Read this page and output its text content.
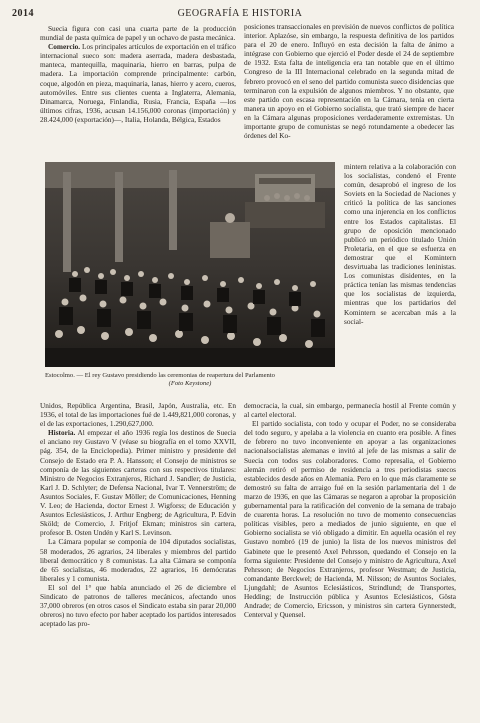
2014	GEOGRAFÍA E HISTORIA

Suecia figura con casi una cuarta parte de la producción mundial de pasta química de papel y un ochavo de pasta mecánica.

Comercio. Los principales artículos de exportación en el tráfico internacional sueco son: madera aserrada, madera desbastada, manteca, mantequilla, maquinaria, hierro en barras, pulpa de madera. La importación comprende principalmente: carbón, coque, algodón en pieza, maquinaria, lanas, hierro y acero, cueros, automóviles. Entre sus clientes cuenta a Inglaterra, Alemania, Dinamarca, Noruega, Finlandia, Rusia, Francia, España —los últimos cifras, 1936, acusan 14.156,000 coronas (importación) y 28.424,000 (exportación)—, Italia, Holanda, Bélgica, Estados

posiciones transaccionales en previsión de nuevos conflictos de política interior. Aplazóse, sin embargo, la respuesta definitiva de los partidos para el 20 de enero. Influyó en esta decisión la falta de ánimo a intégrase con Gobierno que ejerció el Poder desde el 24 de septiembre de 1932. Esta falta de inteligencia era tan notable que en el último Congreso de la III Internacional celebrado en la segunda mitad de febrero provocó en el seno del partido comunista sueco disidencias que terminaron con la expulsión de algunos miembros. Y no obstante, que este partido con escasa representación en la Cámara, tenía en cierta manera un apoyo en el Gobierno socialista, que trató siempre de hacer en la Cámara algunas proposiciones verdaderamente extremistas. Un importante grupo de comunistas se negó rotundamente a obedecer las órdenes del Ko-

Estocolmo. — El rey Gustavo presidiendo las ceremonias de reapertura del Parlamento
(Foto Keystone)

mintern relativa a la colaboración con los socialistas, condenó el Frente común, desaprobó el ingreso de los Soviets en la Sociedad de Naciones y criticó la política de las sanciones como una injerencia en los conflictos entre los Estados capitalistas. El grupo de oposición mencionado publicó un periódico titulado Unión Proletaria, en el que se esfuerza en demostrar que el Komintern desvirtuaba las tradiciones leninistas. Los comunistas disidentes, en la práctica tenían las mismas tendencias que los socialistas de izquierda, mientras que los partidarios del Komintern se acercaban más a la social-

Unidos, República Argentina, Brasil, Japón, Australia, etc. En 1936, el total de las importaciones fué de 1.449,821,000 coronas, y el de las exportaciones, 1.290,627,000.

Historia. Al empezar el año 1936 regía los destinos de Suecia el anciano rey Gustavo V (véase su biografía en el tomo XXVII, pág. 354, de la Enciclopedia). Primer ministro y presidente del Consejo de Estado era P. A. Hansson; el Consejo de ministros se componía de las siguientes carteras con sus respectivos titulares: Ministro de Negocios Extranjeros, Richard J. Sandler; de Justicia, Karl J. D. Schlyter; de Defensa Nacional, Ivar T. Vennerström; de Asuntos Sociales, F. Gustav Möller; de Comunicaciones, Henning V. Leo; de Hacienda, doctor Ernest J. Wigforss; de Educación y Asuntos Eclesiásticos, J. Arthur Engberg; de Agricultura, P. Edvin Sköld; de Comercio, J. Fritjof Ekman; ministros sin cartera, profesor B. Osten Undén y Karl S. Levinson.

La Cámara popular se componía de 104 diputados socialistas, 58 moderados, 26 agrarios, 24 liberales y miembros del partido liberal democrático y 8 comunistas. La alta Cámara se componía de 65 socialistas, 46 moderados, 22 agrarios, 16 demócratas liberales y 1 comunista.

El sol del 1° que había anunciado el 26 de diciembre el Sindicato de patronos de talleres mecánicos, afectando unos 37,000 obreros (en otros casos el Sindicato estaba sin parar 20,000 obreros) no tuvo efecto por haber aceptado los partidos interesados aceptado las pro-

democracia, la cual, sin embargo, permanecía hostil al Frente común y al cartel electoral.

El partido socialista, con todo y ocupar el Poder, no se consideraba del todo seguro, y apelaba a la violencia en cuanto era posible. A fines de febrero no tuvo inconveniente en apoyar a las organizaciones nacionalsocialistas alemanas e invitó al jefe de las mismas a salir de Suecia con todos sus colaboradores. Como represalia, el Gobierno alemán retiró el permiso de residencia a tres periodistas suecos establecidos desde años en Alemania. Pero en lo que más claramente se demostró su falta de arraigo fué en la sesión parlamentaria del 1 de marzo de 1936, en que las Cámaras se negaron a aprobar la proposición gubernamental para la ratificación del convenio de la semana de trabajo de cuarenta horas. La resolución no tuvo de momento consecuencias políticas visibles, pero a mediados de junio siguiente, en que el Gobierno socialista se vió obligado a dimitir. En aquella ocasión el rey Gustavo nombró (19 de junio) la lista de los nuevos ministros del Gabinete que le presentó Axel Pehrsson, quedando el Consejo en la forma siguiente: Presidente del Consejo y ministro de Agricultura, Axel Pehrsson; de Negocios Extranjeros, profesor Westman; de Justicia, comandante Berckwel; de Hacienda, M. Nilsson; de Asuntos Sociales, Ljungdahl; de Asuntos Eclesiásticos, Strindlund; de Transportes, Hedding; de Instrucción pública y Asuntos Eclesiásticos, Gösta Andrade; de Comercio, Ericsson, y ministros sin cartera Gynnerstedt, Centerval y Quensel.
